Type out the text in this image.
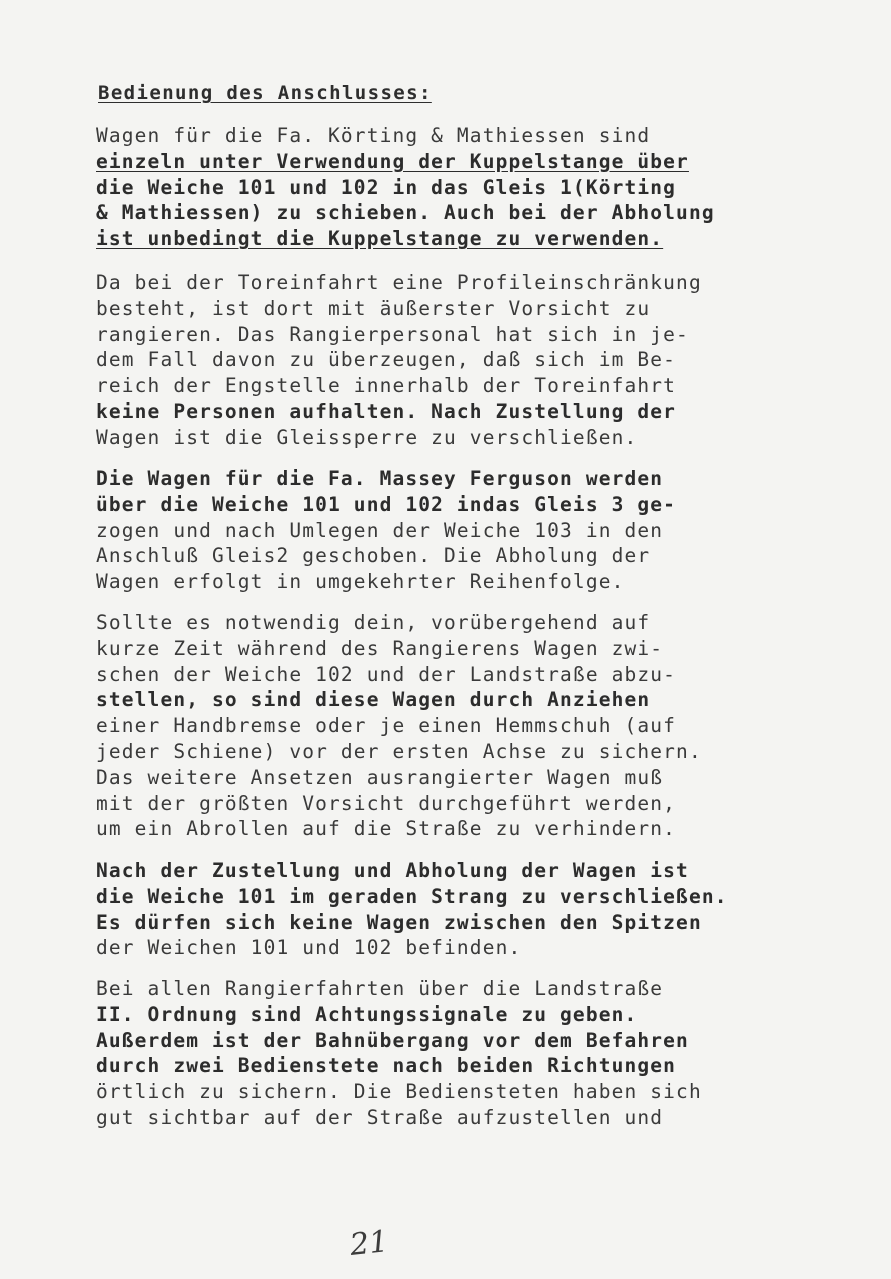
Bedienung des Anschlusses:
Wagen für die Fa. Körting & Mathiessen sind
einzeln unter Verwendung der Kuppelstange über
die Weiche 101 und 102 in das Gleis 1(Körting
& Mathiessen) zu schieben. Auch bei der Abholung
ist unbedingt die Kuppelstange zu verwenden.
Da bei der Toreinfahrt eine Profileinschränkung
besteht, ist dort mit äußerster Vorsicht zu
rangieren. Das Rangierpersonal hat sich in je-
dem Fall davon zu überzeugen, daß sich im Be-
reich der Engstelle innerhalb der Toreinfahrt
keine Personen aufhalten. Nach Zustellung der
Wagen ist die Gleissperre zu verschließen.
Die Wagen für die Fa. Massey Ferguson werden
über die Weiche 101 und 102 indas Gleis 3 ge-
zogen und nach Umlegen der Weiche 103 in den
Anschluß Gleis2 geschoben. Die Abholung der
Wagen erfolgt in umgekehrter Reihenfolge.
Sollte es notwendig dein, vorübergehend auf
kurze Zeit während des Rangierens Wagen zwi-
schen der Weiche 102 und der Landstraße abzu-
stellen, so sind diese Wagen durch Anziehen
einer Handbremse oder je einen Hemmschuh (auf
jeder Schiene) vor der ersten Achse zu sichern.
Das weitere Ansetzen ausrangierter Wagen muß
mit der größten Vorsicht durchgeführt werden,
um ein Abrollen auf die Straße zu verhindern.
Nach der Zustellung und Abholung der Wagen ist
die Weiche 101 im geraden Strang zu verschließen.
Es dürfen sich keine Wagen zwischen den Spitzen
der Weichen 101 und 102 befinden.
Bei allen Rangierfahrten über die Landstraße
II. Ordnung sind Achtungssignale zu geben.
Außerdem ist der Bahnübergang vor dem Befahren
durch zwei Bedienstete nach beiden Richtungen
örtlich zu sichern. Die Bediensteten haben sich
gut sichtbar auf der Straße aufzustellen und
21
